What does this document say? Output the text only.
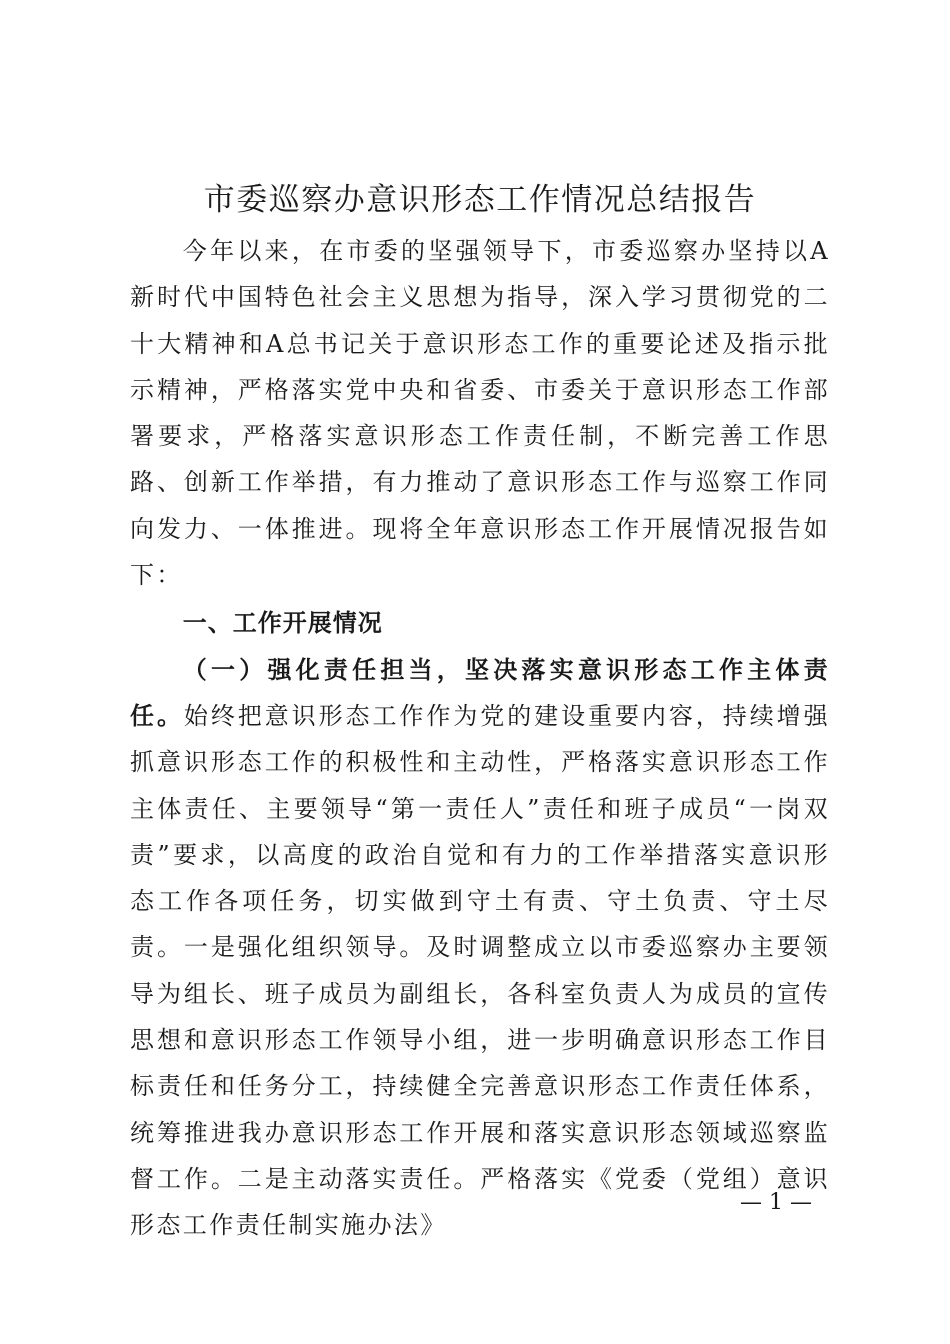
市委巡察办意识形态工作情况总结报告

今年以来，在市委的坚强领导下，市委巡察办坚持以A新时代中国特色社会主义思想为指导，深入学习贯彻党的二十大精神和A总书记关于意识形态工作的重要论述及指示批示精神，严格落实党中央和省委、市委关于意识形态工作部署要求，严格落实意识形态工作责任制，不断完善工作思路、创新工作举措，有力推动了意识形态工作与巡察工作同向发力、一体推进。现将全年意识形态工作开展情况报告如下：

一、工作开展情况

（一）强化责任担当，坚决落实意识形态工作主体责任。始终把意识形态工作作为党的建设重要内容，持续增强抓意识形态工作的积极性和主动性，严格落实意识形态工作主体责任、主要领导“第一责任人”责任和班子成员“一岗双责”要求，以高度的政治自觉和有力的工作举措落实意识形态工作各项任务，切实做到守土有责、守土负责、守土尽责。一是强化组织领导。及时调整成立以市委巡察办主要领导为组长、班子成员为副组长，各科室负责人为成员的宣传思想和意识形态工作领导小组，进一步明确意识形态工作目标责任和任务分工，持续健全完善意识形态工作责任体系，统筹推进我办意识形态工作开展和落实意识形态领域巡察监督工作。二是主动落实责任。严格落实《党委（党组）意识形态工作责任制实施办法》

— 1 —
